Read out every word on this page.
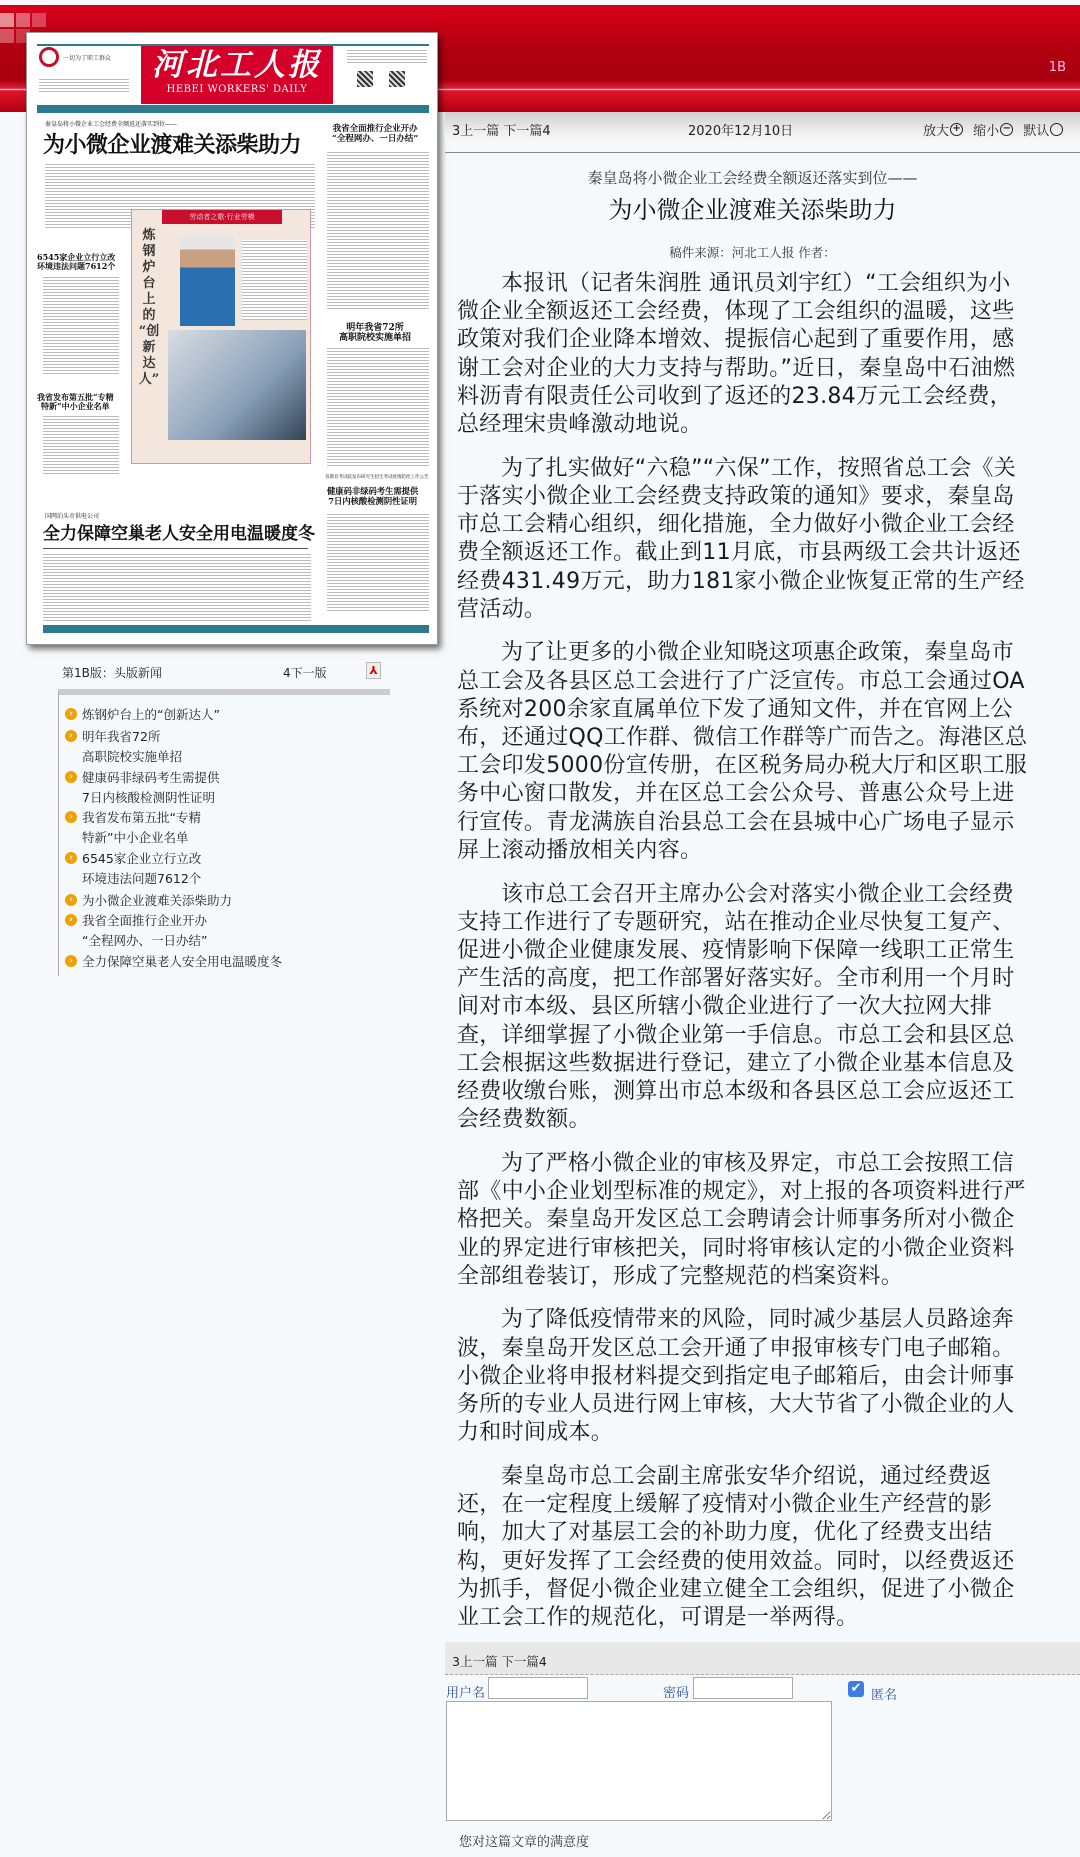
1B
一切为了职工群众	河北工人报
HEBEI WORKERS' DAILY
秦皇岛将小微企业工会经费全额返还落实到位——
为小微企业渡难关添柴助力
我省全面推行企业开办
“全程网办、一日办结”
6545家企业立行立改
环境违法问题7612个
劳动者之歌·行业劳模
炼
钢
炉
台
上
的
“创
新
达
人”
我省发布第五批“专精
特新”中小企业名单
明年我省72所
高职院校实施单招
省教育考试院发布研究生招生考试疫情防控工作公告
健康码非绿码考生需提供
7日内核酸检测阴性证明
国网泊头市供电公司
全力保障空巢老人安全用电温暖度冬
第1B版：头版新闻	4下一版	⅄
› 炼钢炉台上的“创新达人”
› 明年我省72所
高职院校实施单招
› 健康码非绿码考生需提供
7日内核酸检测阴性证明
› 我省发布第五批“专精
特新”中小企业名单
› 6545家企业立行立改
环境违法问题7612个
› 为小微企业渡难关添柴助力
› 我省全面推行企业开办
“全程网办、一日办结”
› 全力保障空巢老人安全用电温暖度冬
3上一篇 下一篇4	2020年12月10日	放大 +
缩小 −
默认
秦皇岛将小微企业工会经费全额返还落实到位——
为小微企业渡难关添柴助力
稿件来源：河北工人报 作者：

本报讯（记者朱润胜 通讯员刘宇红）“工会组织为小微企业全额返还工会经费，体现了工会组织的温暖，这些政策对我们企业降本增效、提振信心起到了重要作用，感谢工会对企业的大力支持与帮助。”近日，秦皇岛中石油燃料沥青有限责任公司收到了返还的23.84万元工会经费，总经理宋贵峰激动地说。

为了扎实做好“六稳”“六保”工作，按照省总工会《关于落实小微企业工会经费支持政策的通知》要求，秦皇岛市总工会精心组织，细化措施，全力做好小微企业工会经费全额返还工作。截止到11月底，市县两级工会共计返还经费431.49万元，助力181家小微企业恢复正常的生产经营活动。

为了让更多的小微企业知晓这项惠企政策，秦皇岛市总工会及各县区总工会进行了广泛宣传。市总工会通过OA系统对200余家直属单位下发了通知文件，并在官网上公布，还通过QQ工作群、微信工作群等广而告之。海港区总工会印发5000份宣传册，在区税务局办税大厅和区职工服务中心窗口散发，并在区总工会公众号、普惠公众号上进行宣传。青龙满族自治县总工会在县城中心广场电子显示屏上滚动播放相关内容。

该市总工会召开主席办公会对落实小微企业工会经费支持工作进行了专题研究，站在推动企业尽快复工复产、促进小微企业健康发展、疫情影响下保障一线职工正常生产生活的高度，把工作部署好落实好。全市利用一个月时间对市本级、县区所辖小微企业进行了一次大拉网大排查，详细掌握了小微企业第一手信息。市总工会和县区总工会根据这些数据进行登记，建立了小微企业基本信息及经费收缴台账，测算出市总本级和各县区总工会应返还工会经费数额。

为了严格小微企业的审核及界定，市总工会按照工信部《中小企业划型标准的规定》，对上报的各项资料进行严格把关。秦皇岛开发区总工会聘请会计师事务所对小微企业的界定进行审核把关，同时将审核认定的小微企业资料全部组卷装订，形成了完整规范的档案资料。

为了降低疫情带来的风险，同时减少基层人员路途奔波，秦皇岛开发区总工会开通了申报审核专门电子邮箱。小微企业将申报材料提交到指定电子邮箱后，由会计师事务所的专业人员进行网上审核，大大节省了小微企业的人力和时间成本。

秦皇岛市总工会副主席张安华介绍说，通过经费返还，在一定程度上缓解了疫情对小微企业生产经营的影响，加大了对基层工会的补助力度，优化了经费支出结构，更好发挥了工会经费的使用效益。同时，以经费返还为抓手，督促小微企业建立健全工会组织，促进了小微企业工会工作的规范化，可谓是一举两得。

3上一篇 下一篇4
用户名	密码	✔ 匿名
您对这篇文章的满意度
